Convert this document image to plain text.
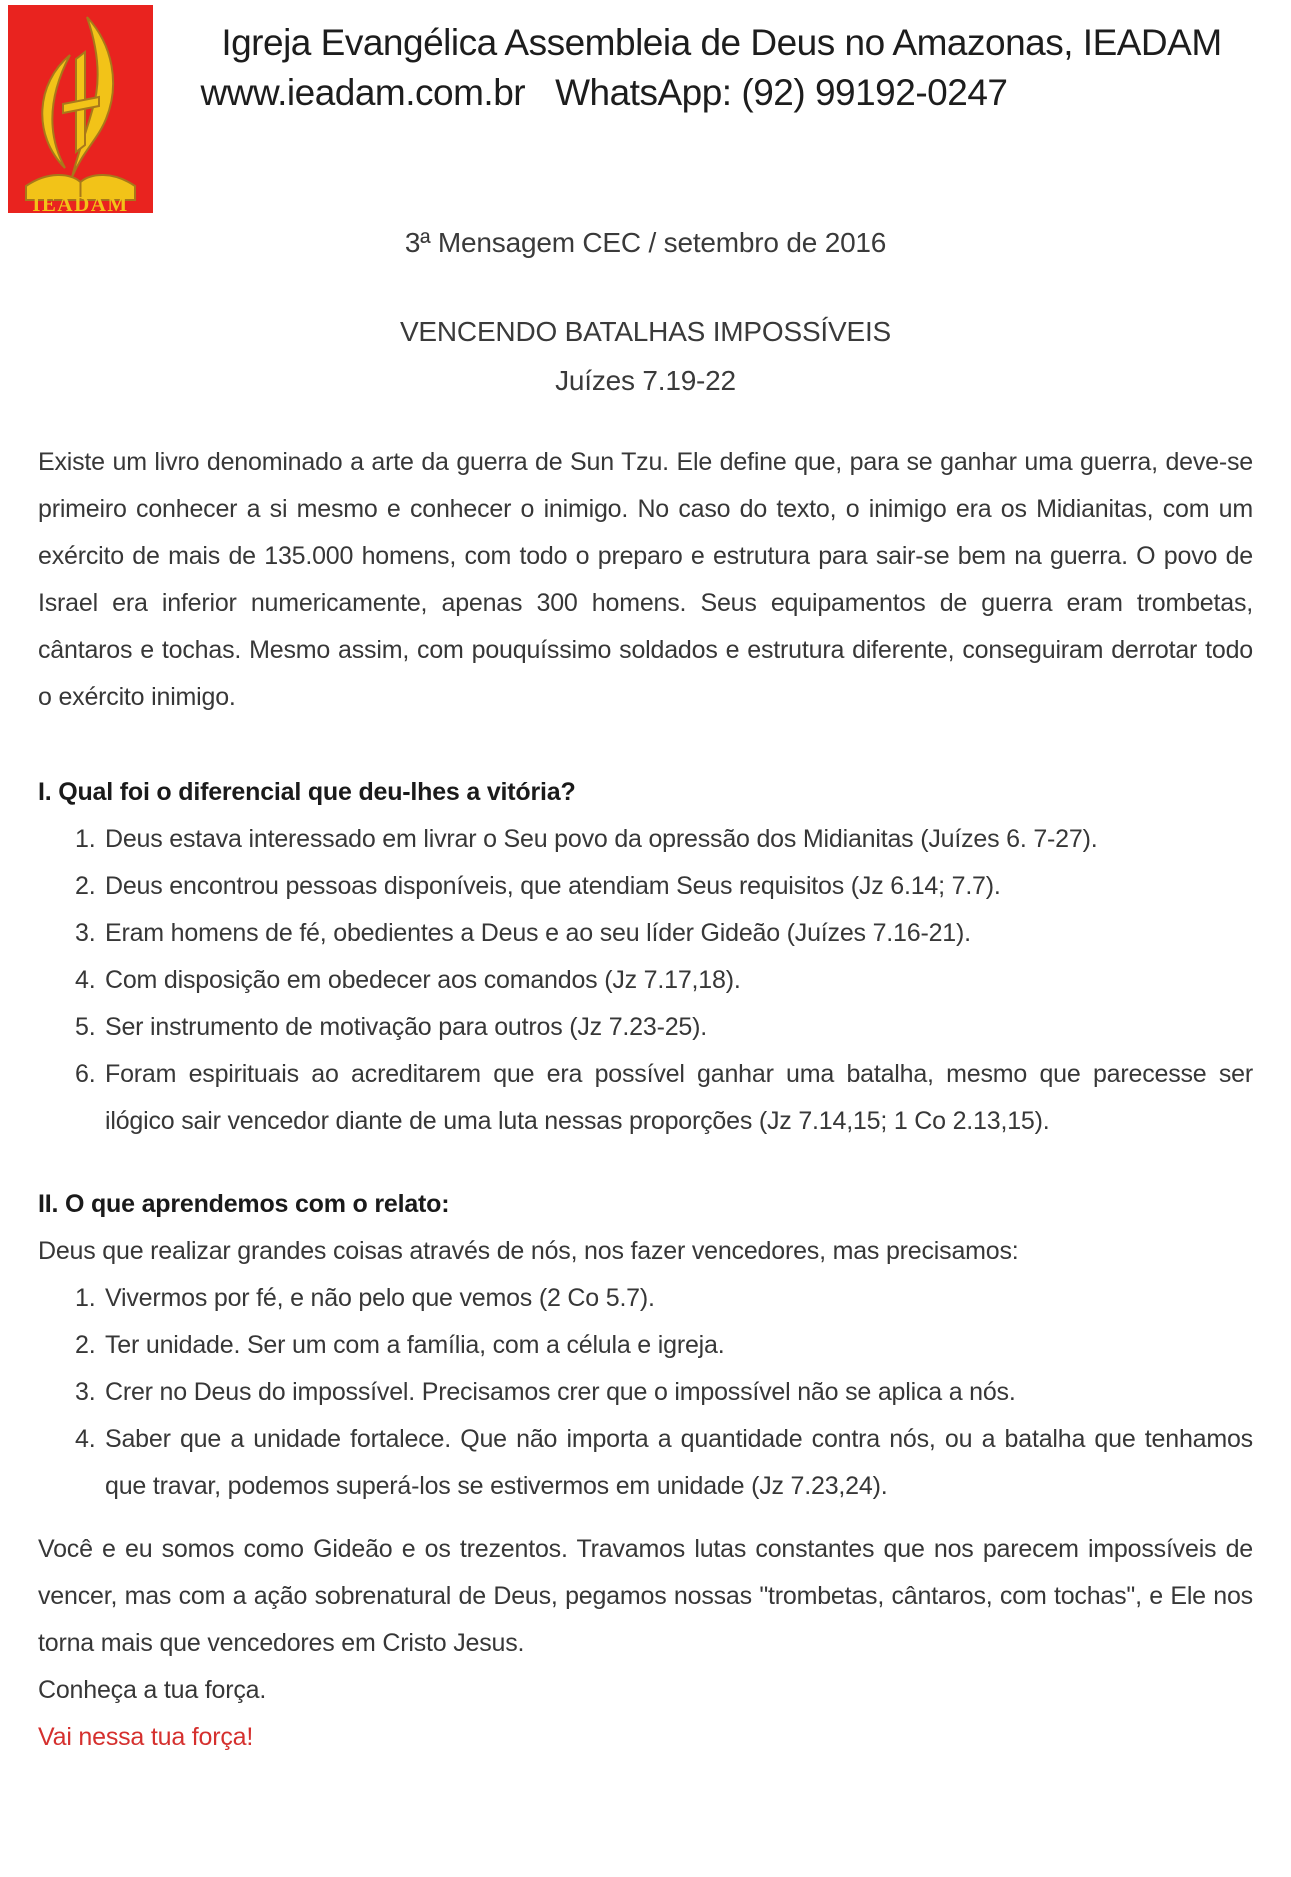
IEADAM
Igreja Evangélica Assembleia de Deus no Amazonas, IEADAM
www.ieadam.com.br WhatsApp: (92) 99192-0247
3ª Mensagem CEC / setembro de 2016
VENCENDO BATALHAS IMPOSSÍVEIS
Juízes 7.19-22

Existe um livro denominado a arte da guerra de Sun Tzu. Ele define que, para se ganhar uma guerra, deve-se primeiro conhecer a si mesmo e conhecer o inimigo. No caso do texto, o inimigo era os Midianitas, com um exército de mais de 135.000 homens, com todo o preparo e estrutura para sair-se bem na guerra. O povo de Israel era inferior numericamente, apenas 300 homens. Seus equipamentos de guerra eram trombetas, cântaros e tochas. Mesmo assim, com pouquíssimo soldados e estrutura diferente, conseguiram derrotar todo o exército inimigo.

I. Qual foi o diferencial que deu-lhes a vitória?
1. Deus estava interessado em livrar o Seu povo da opressão dos Midianitas (Juízes 6. 7-27).
2. Deus encontrou pessoas disponíveis, que atendiam Seus requisitos (Jz 6.14; 7.7).
3. Eram homens de fé, obedientes a Deus e ao seu líder Gideão (Juízes 7.16-21).
4. Com disposição em obedecer aos comandos (Jz 7.17,18).
5. Ser instrumento de motivação para outros (Jz 7.23-25).
6. Foram espirituais ao acreditarem que era possível ganhar uma batalha, mesmo que parecesse ser ilógico sair vencedor diante de uma luta nessas proporções (Jz 7.14,15; 1 Co 2.13,15).
II. O que aprendemos com o relato:
Deus que realizar grandes coisas através de nós, nos fazer vencedores, mas precisamos:
1. Vivermos por fé, e não pelo que vemos (2 Co 5.7).
2. Ter unidade. Ser um com a família, com a célula e igreja.
3. Crer no Deus do impossível. Precisamos crer que o impossível não se aplica a nós.
4. Saber que a unidade fortalece. Que não importa a quantidade contra nós, ou a batalha que tenhamos que travar, podemos superá-los se estivermos em unidade (Jz 7.23,24).

Você e eu somos como Gideão e os trezentos. Travamos lutas constantes que nos parecem impossíveis de vencer, mas com a ação sobrenatural de Deus, pegamos nossas "trombetas, cântaros, com tochas", e Ele nos torna mais que vencedores em Cristo Jesus.

Conheça a tua força.
Vai nessa tua força!
